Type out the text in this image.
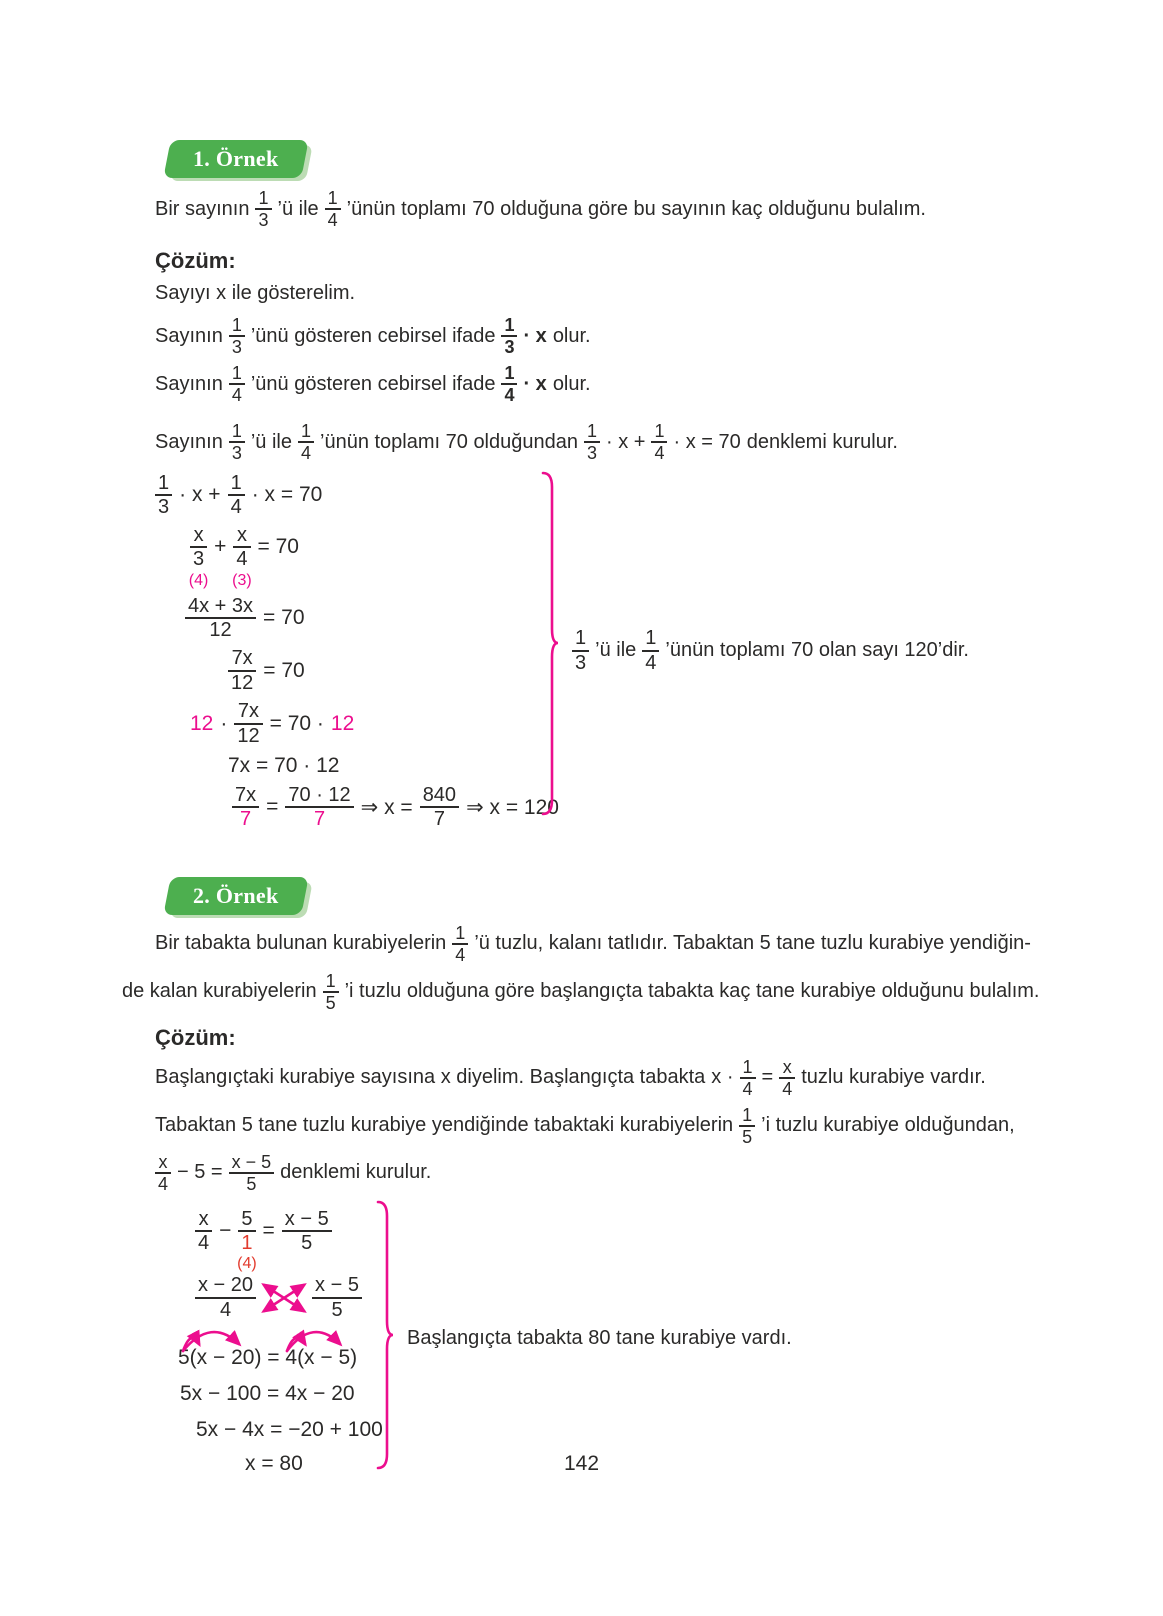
1. Örnek

Bir sayının $\frac{1}{3}$ ’ü ile $\frac{1}{4}$ ’ünün toplamı 70 olduğuna göre bu sayının kaç olduğunu bulalım.

Çözüm:

Sayıyı x ile gösterelim.

Sayının $\frac{1}{3}$ ’ünü gösteren cebirsel ifade $\frac{1}{3} \cdot x$ olur.

Sayının $\frac{1}{4}$ ’ünü gösteren cebirsel ifade $\frac{1}{4} \cdot x$ olur.

Sayının $\frac{1}{3}$ ’ü ile $\frac{1}{4}$ ’ünün toplamı 70 olduğundan $\frac{1}{3} \cdot x + \frac{1}{4} \cdot x = 70$ denklemi kurulur.

$\frac{1}{3} \cdot x + \frac{1}{4} \cdot x = 70$
x
3
(4)
+
x
4
(3)
= 70
$\frac{4x + 3x}{12} = 70$
$\frac{7x}{12} = 70$
$12 \cdot \frac{7x}{12} = 70 \cdot 12$
7x = 70 · 12
$\frac{7x}{7} = \frac{70 \cdot 12}{7}$ ⇒ $x = \frac{840}{7}$ ⇒ x = 120
$\frac{1}{3}$ ’ü ile $\frac{1}{4}$ ’ünün toplamı 70 olan sayı 120’dir.
2. Örnek

Bir tabakta bulunan kurabiyelerin $\frac{1}{4}$ ’ü tuzlu, kalanı tatlıdır. Tabaktan 5 tane tuzlu kurabiye yendiğin-

de kalan kurabiyelerin $\frac{1}{5}$ ’i tuzlu olduğuna göre başlangıçta tabakta kaç tane kurabiye olduğunu bulalım.

Çözüm:

Başlangıçtaki kurabiye sayısına x diyelim. Başlangıçta tabakta $x \cdot \frac{1}{4} = \frac{x}{4}$ tuzlu kurabiye vardır.

Tabaktan 5 tane tuzlu kurabiye yendiğinde tabaktaki kurabiyelerin $\frac{1}{5}$ ’i tuzlu kurabiye olduğundan,

$\frac{x}{4} - 5 = \frac{x - 5}{5}$ denklemi kurulur.

$\frac{x}{4}$ −
5
1
(4)
= $\frac{x - 5}{5}$
$\frac{x - 20}{4}$	$\frac{x - 5}{5}$
5(x − 20) = 4(x − 5)
5x − 100 = 4x − 20
5x − 4x = −20 + 100
x = 80
Başlangıçta tabakta 80 tane kurabiye vardı.
142
